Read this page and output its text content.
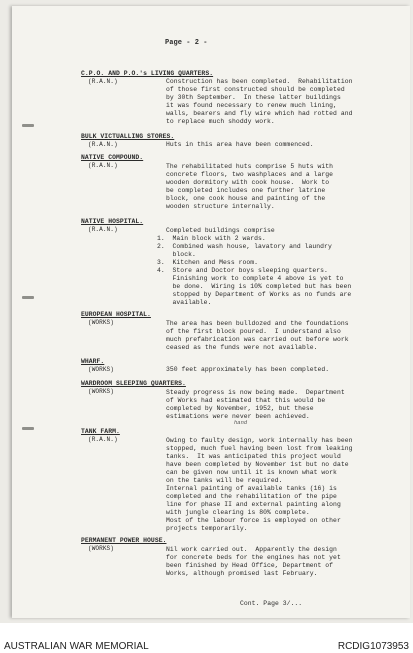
Page - 2 -
C.P.O. AND P.O.'s LIVING QUARTERS.
(R.A.N.)	Construction has been completed.  Rehabilitation
of those first constructed should be completed
by 30th September.  In these latter buildings
it was found necessary to renew much lining,
walls, bearers and fly wire which had rotted and
to replace much shoddy work.
BULK VICTUALLING STORES.
(R.A.N.)	Huts in this area have been commenced.
NATIVE COMPOUND.
(R.A.N.)	The rehabilitated huts comprise 5 huts with
concrete floors, two washplaces and a large
wooden dormitory with cook house.  Work to
be completed includes one further latrine
block, one cook house and painting of the
wooden structure internally.
NATIVE HOSPITAL.
(R.A.N.)	Completed buildings comprise
1.  Main block with 2 wards.
2.  Combined wash house, lavatory and laundry
block.
3.  Kitchen and Mess room.
4.  Store and Doctor boys sleeping quarters.
Finishing work to complete 4 above is yet to
be done.  Wiring is 10% completed but has been
stopped by Department of Works as no funds are
available.
EUROPEAN HOSPITAL.
(WORKS)	The area has been bulldozed and the foundations
of the first block poured.  I understand also
much prefabrication was carried out before work
ceased as the funds were not available.
WHARF.
(WORKS)	350 feet approximately has been completed.
WARDROOM SLEEPING QUARTERS.
(WORKS)	Steady progress is now being made.  Department
of Works had estimated that this would be
completed by November, 1952, but these
estimations were never been achieved.
hand
TANK FARM.
(R.A.N.)	Owing to faulty design, work internally has been
stopped, much fuel having been lost from leaking
tanks.  It was anticipated this project would
have been completed by November 1st but no date
can be given now until it is known what work
on the tanks will be required.
Internal painting of available tanks (16) is
completed and the rehabilitation of the pipe
line for phase II and external painting along
with jungle clearing is 80% complete.
Most of the labour force is employed on other
projects temporarily.
PERMANENT POWER HOUSE.
(WORKS)	Nil work carried out.  Apparently the design
for concrete beds for the engines has not yet
been finished by Head Office, Department of
Works, although promised last February.
Cont. Page 3/...
AUSTRALIAN WAR MEMORIAL	RCDIG1073953
